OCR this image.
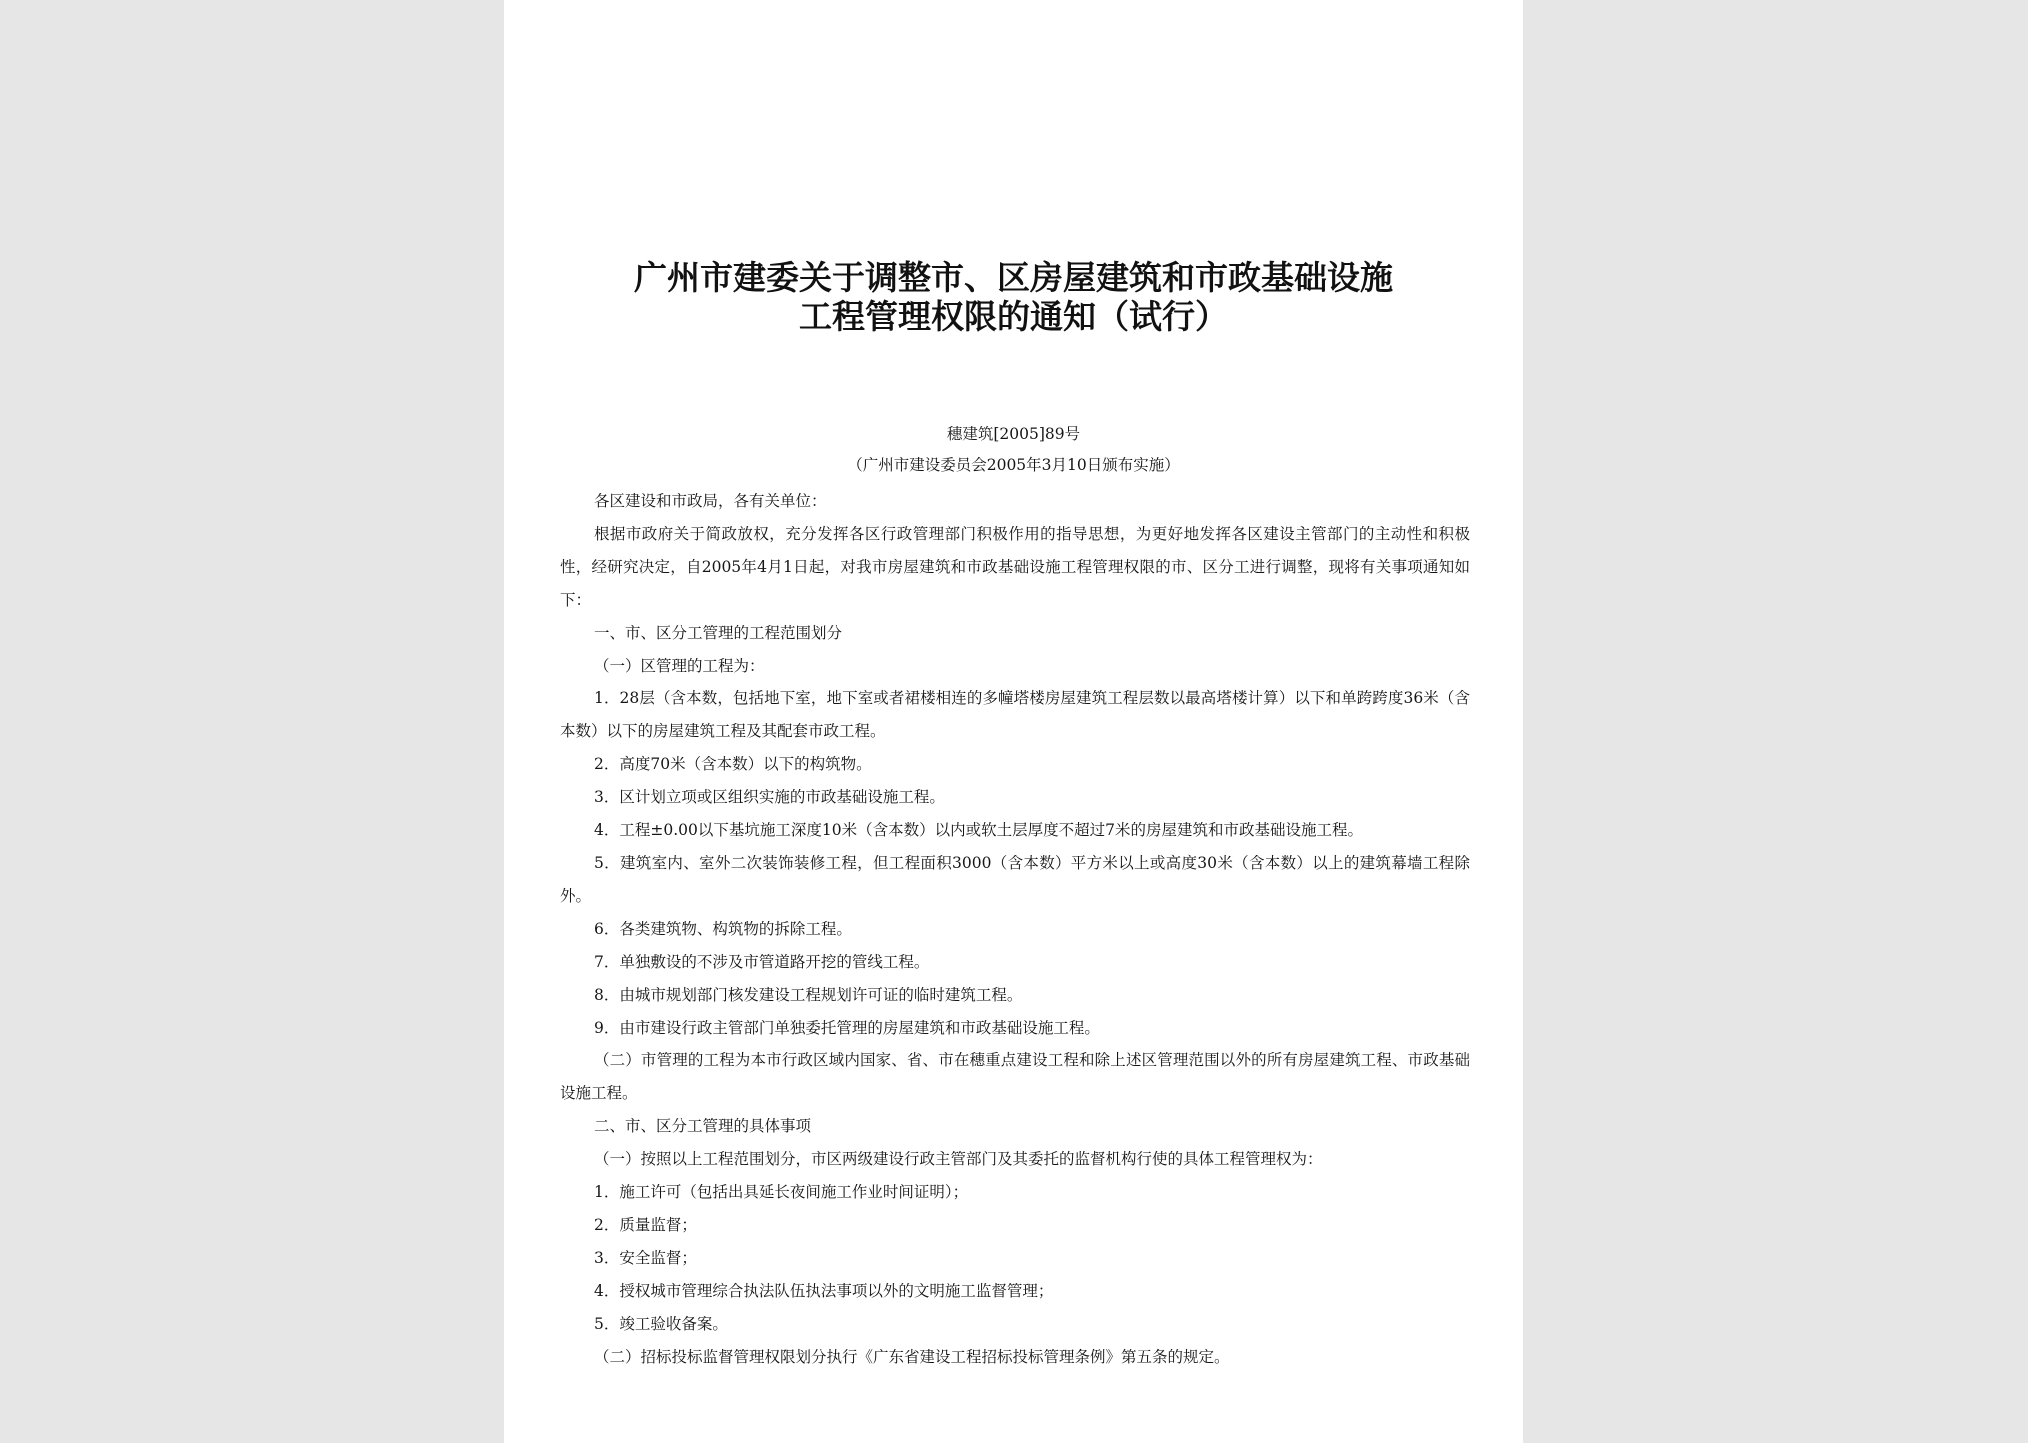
广州市建委关于调整市、区房屋建筑和市政基础设施
工程管理权限的通知（试行）
穗建筑[2005]89号
（广州市建设委员会2005年3月10日颁布实施）

各区建设和市政局，各有关单位：

根据市政府关于简政放权，充分发挥各区行政管理部门积极作用的指导思想，为更好地发挥各区建设主管部门的主动性和积极性，经研究决定，自2005年4月1日起，对我市房屋建筑和市政基础设施工程管理权限的市、区分工进行调整，现将有关事项通知如下：

一、市、区分工管理的工程范围划分

（一）区管理的工程为：

1．28层（含本数，包括地下室，地下室或者裙楼相连的多幢塔楼房屋建筑工程层数以最高塔楼计算）以下和单跨跨度36米（含本数）以下的房屋建筑工程及其配套市政工程。

2．高度70米（含本数）以下的构筑物。

3．区计划立项或区组织实施的市政基础设施工程。

4．工程±0.00以下基坑施工深度10米（含本数）以内或软土层厚度不超过7米的房屋建筑和市政基础设施工程。

5．建筑室内、室外二次装饰装修工程，但工程面积3000（含本数）平方米以上或高度30米（含本数）以上的建筑幕墙工程除外。

6．各类建筑物、构筑物的拆除工程。

7．单独敷设的不涉及市管道路开挖的管线工程。

8．由城市规划部门核发建设工程规划许可证的临时建筑工程。

9．由市建设行政主管部门单独委托管理的房屋建筑和市政基础设施工程。

（二）市管理的工程为本市行政区域内国家、省、市在穗重点建设工程和除上述区管理范围以外的所有房屋建筑工程、市政基础设施工程。

二、市、区分工管理的具体事项

（一）按照以上工程范围划分，市区两级建设行政主管部门及其委托的监督机构行使的具体工程管理权为：

1．施工许可（包括出具延长夜间施工作业时间证明）；

2．质量监督；

3．安全监督；

4．授权城市管理综合执法队伍执法事项以外的文明施工监督管理；

5．竣工验收备案。

（二）招标投标监督管理权限划分执行《广东省建设工程招标投标管理条例》第五条的规定。
